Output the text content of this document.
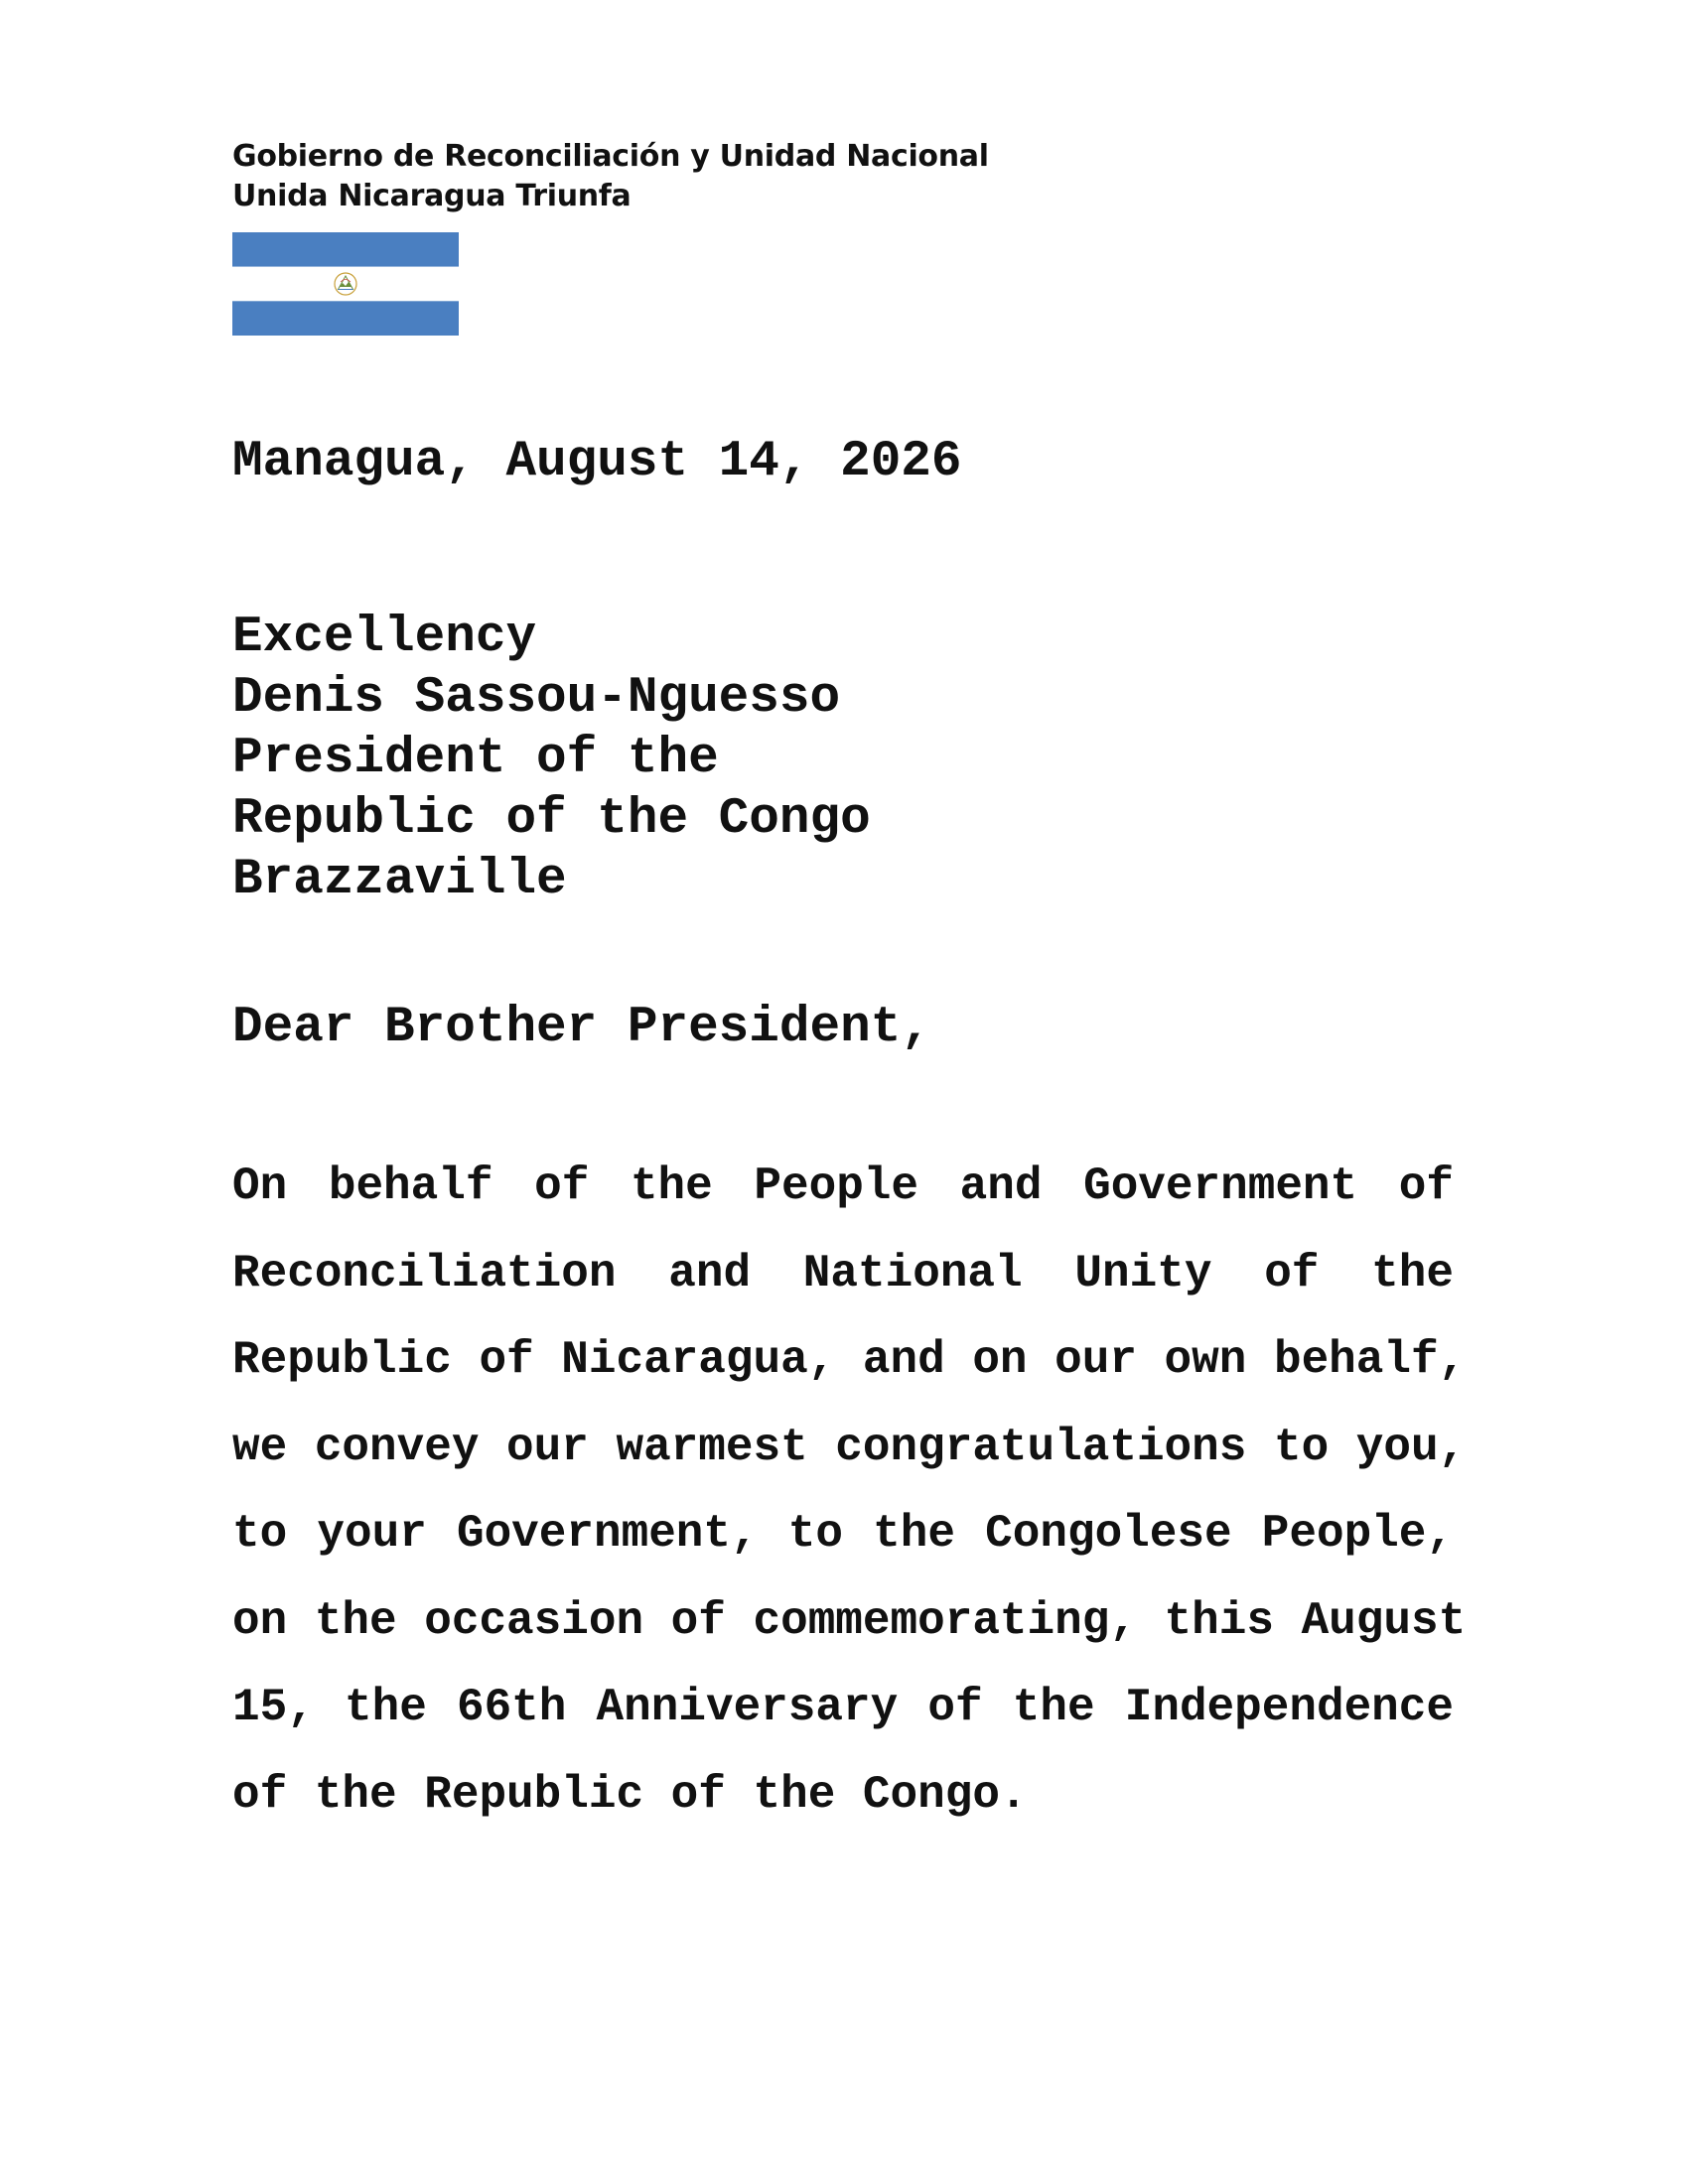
Gobierno de Reconciliación y Unidad Nacional
Unida Nicaragua Triunfa
Managua, August 14, 2026
Excellency
Denis Sassou-Nguesso
President of the
Republic of the Congo
Brazzaville
Dear Brother President,
On behalf of the People and Government of
Reconciliation and National Unity of the
Republic of Nicaragua, and on our own behalf,
we convey our warmest congratulations to you,
to your Government, to the Congolese People,
on the occasion of commemorating, this August
15, the 66th Anniversary of the Independence
of the Republic of the Congo.
